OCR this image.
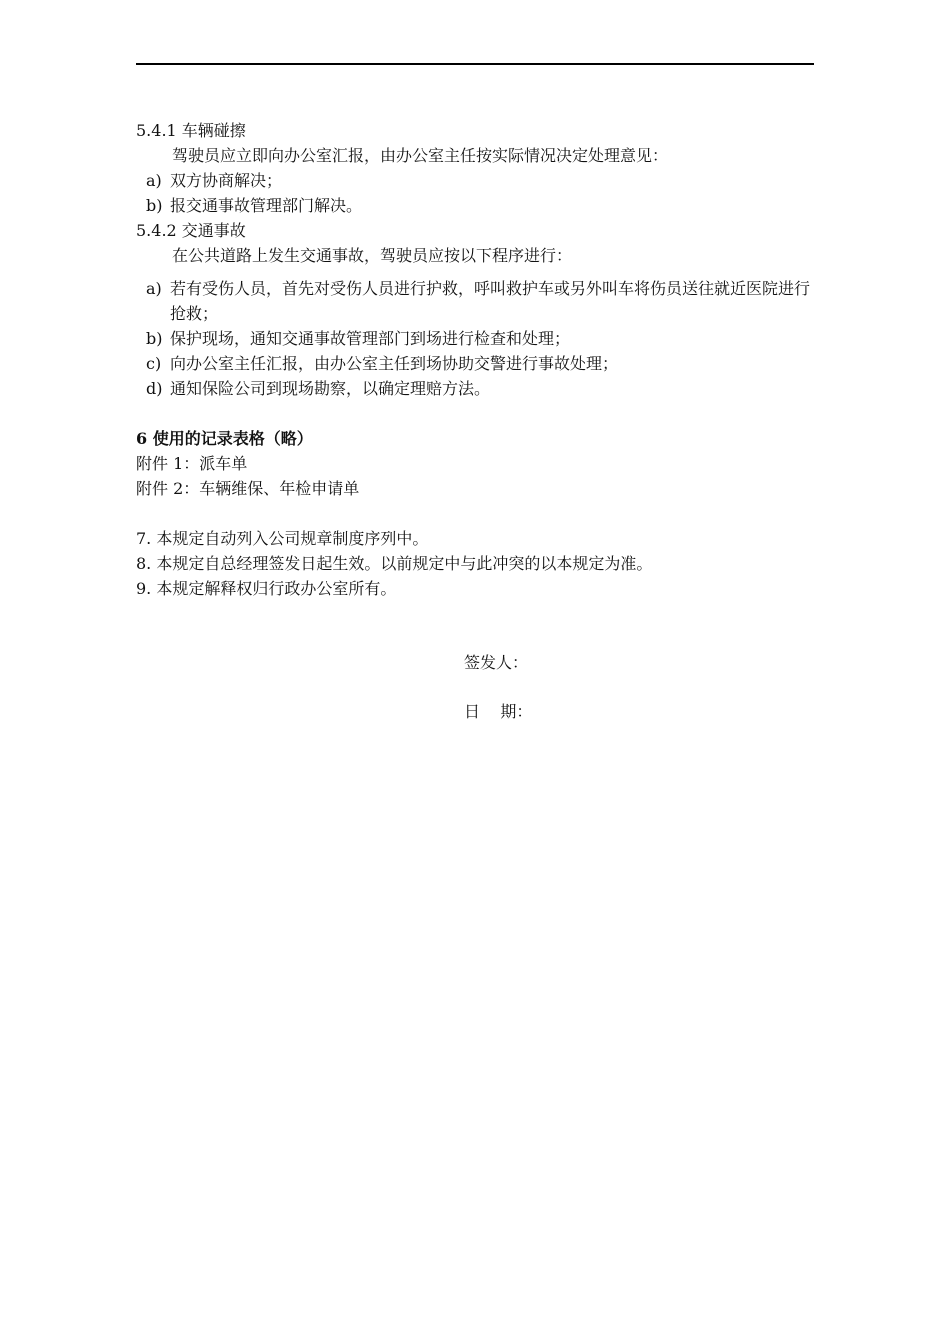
5.4.1 车辆碰擦
驾驶员应立即向办公室汇报，由办公室主任按实际情况决定处理意见：
a) 双方协商解决；
b) 报交通事故管理部门解决。
5.4.2 交通事故
在公共道路上发生交通事故，驾驶员应按以下程序进行：
a) 若有受伤人员，首先对受伤人员进行护救，呼叫救护车或另外叫车将伤员送往就近医院进行抢救；
b) 保护现场，通知交通事故管理部门到场进行检查和处理；
c) 向办公室主任汇报，由办公室主任到场协助交警进行事故处理；
d) 通知保险公司到现场勘察，以确定理赔方法。
6 使用的记录表格（略）
附件 1：派车单
附件 2：车辆维保、年检申请单
7. 本规定自动列入公司规章制度序列中。
8. 本规定自总经理签发日起生效。以前规定中与此冲突的以本规定为准。
9. 本规定解释权归行政办公室所有。
签发人：
日    期：
